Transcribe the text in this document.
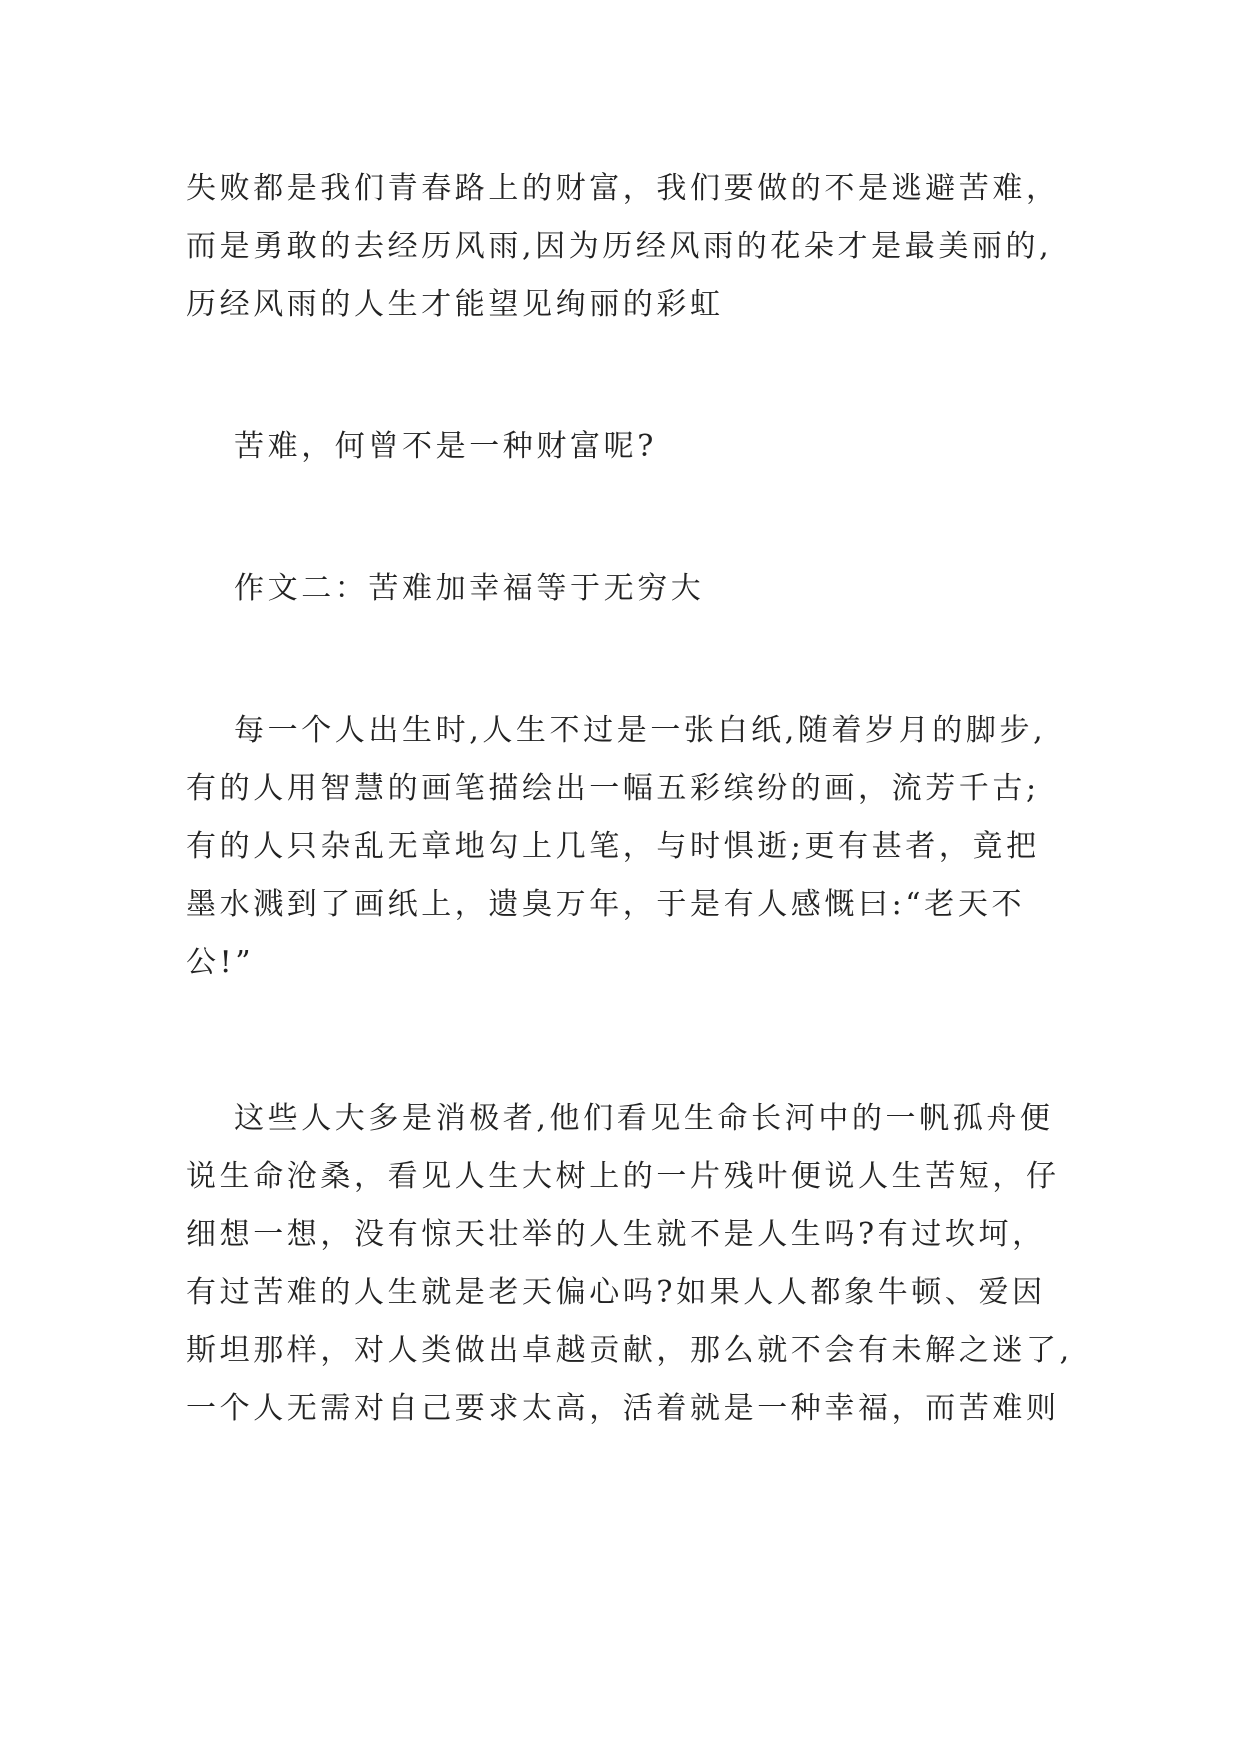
失败都是我们青春路上的财富，我们要做的不是逃避苦难，
而是勇敢的去经历风雨,因为历经风雨的花朵才是最美丽的,
历经风雨的人生才能望见绚丽的彩虹
苦难，何曾不是一种财富呢?
作文二：苦难加幸福等于无穷大
每一个人出生时,人生不过是一张白纸,随着岁月的脚步,
有的人用智慧的画笔描绘出一幅五彩缤纷的画，流芳千古;
有的人只杂乱无章地勾上几笔，与时惧逝;更有甚者，竟把
墨水溅到了画纸上，遗臭万年，于是有人感慨曰:“老天不
公!”
这些人大多是消极者,他们看见生命长河中的一帆孤舟便
说生命沧桑，看见人生大树上的一片残叶便说人生苦短，仔
细想一想，没有惊天壮举的人生就不是人生吗?有过坎坷，
有过苦难的人生就是老天偏心吗?如果人人都象牛顿、爱因
斯坦那样，对人类做出卓越贡献，那么就不会有未解之迷了,
一个人无需对自己要求太高，活着就是一种幸福，而苦难则
